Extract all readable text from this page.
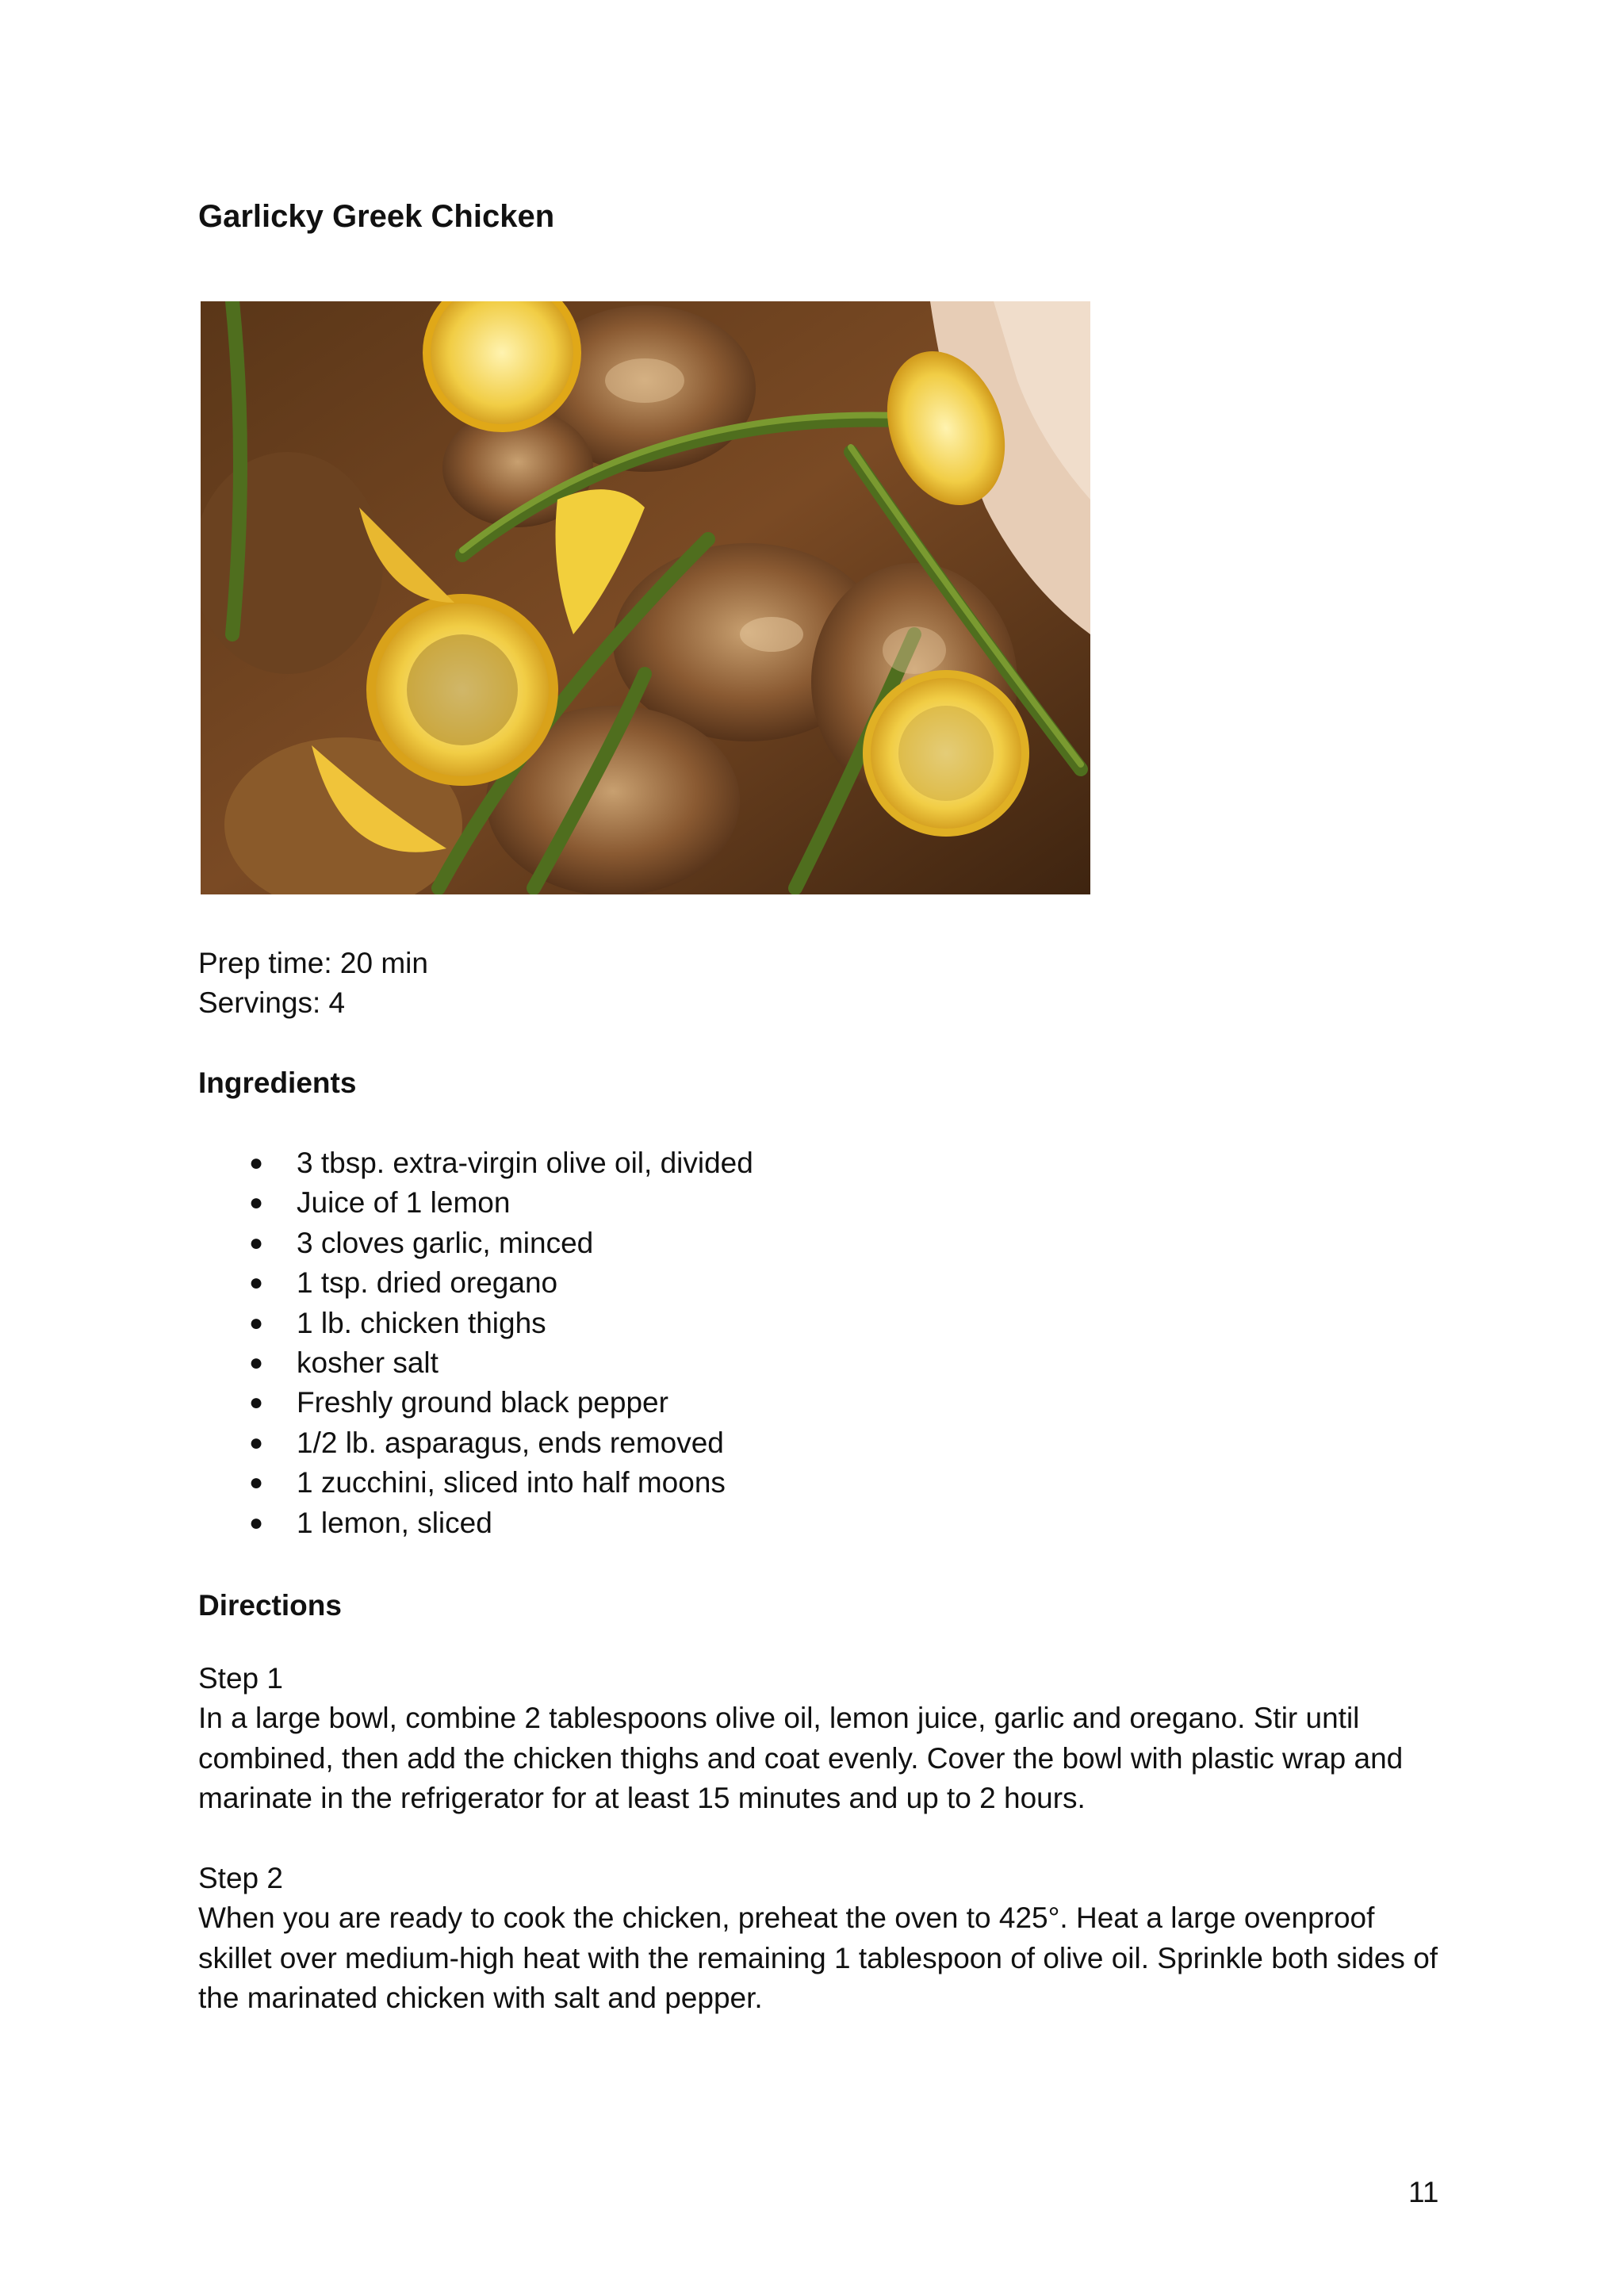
Garlicky Greek Chicken
Prep time: 20 min
Servings: 4
Ingredients
● 3 tbsp. extra-virgin olive oil, divided
● Juice of 1 lemon
● 3 cloves garlic, minced
● 1 tsp. dried oregano
● 1 lb. chicken thighs
● kosher salt
● Freshly ground black pepper
● 1/2 lb. asparagus, ends removed
● 1 zucchini, sliced into half moons
● 1 lemon, sliced
Directions
Step 1
In a large bowl, combine 2 tablespoons olive oil, lemon juice, garlic and oregano. Stir until combined, then add the chicken thighs and coat evenly. Cover the bowl with plastic wrap and marinate in the refrigerator for at least 15 minutes and up to 2 hours.
Step 2
When you are ready to cook the chicken, preheat the oven to 425°. Heat a large ovenproof skillet over medium-high heat with the remaining 1 tablespoon of olive oil. Sprinkle both sides of the marinated chicken with salt and pepper.
11
